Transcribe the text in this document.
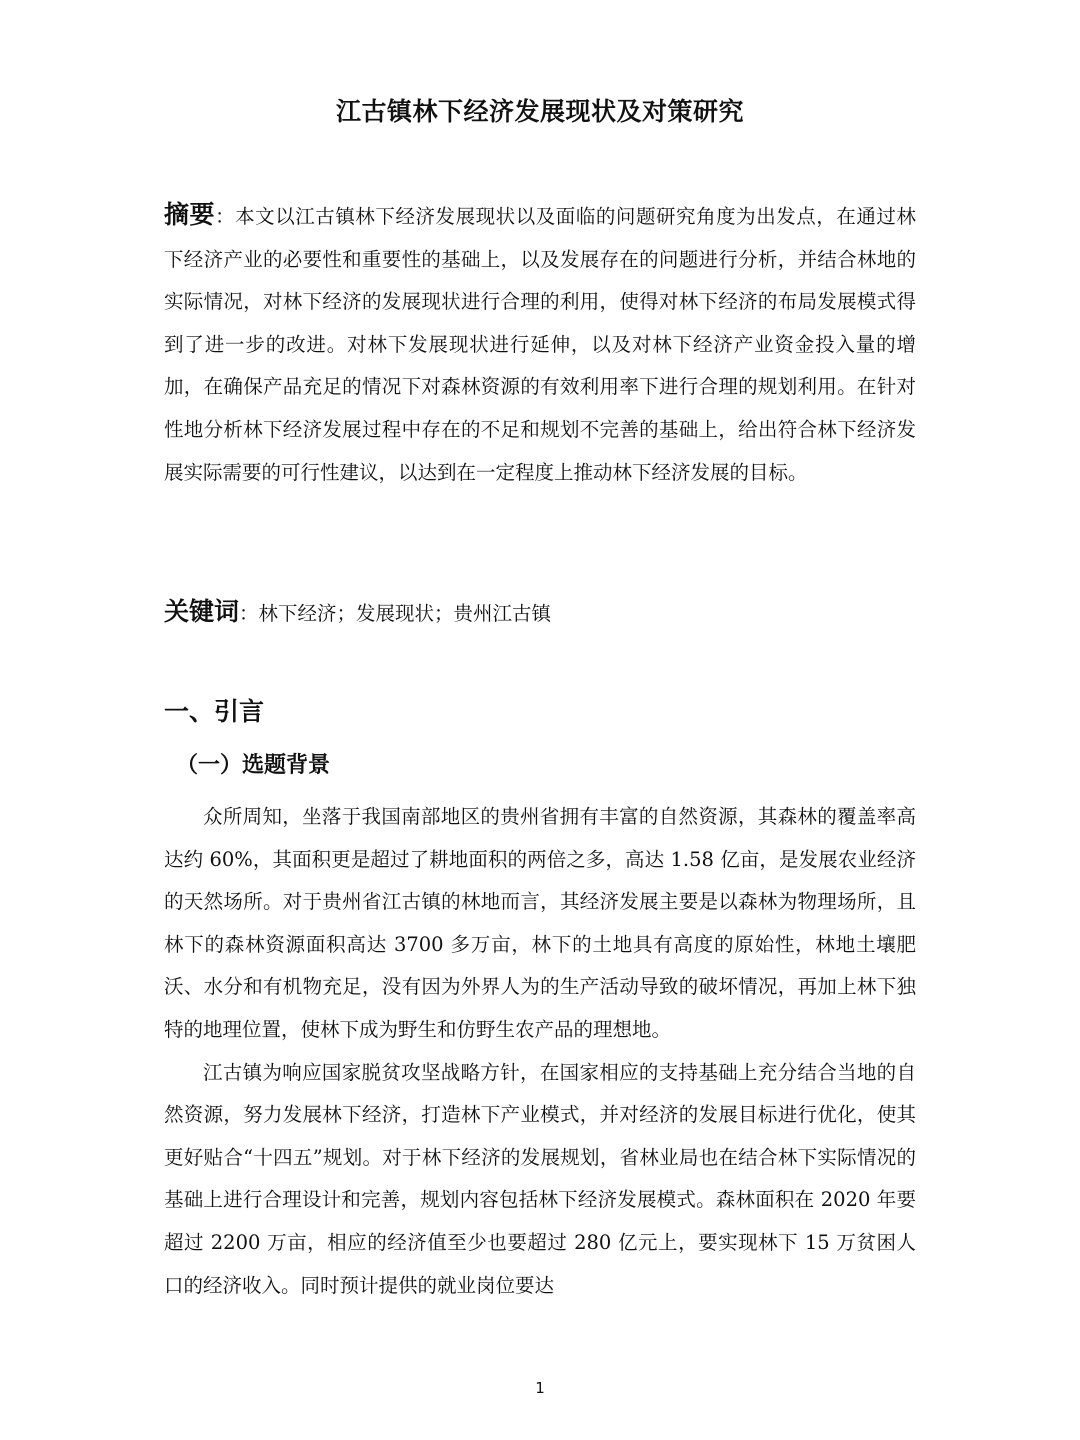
江古镇林下经济发展现状及对策研究
摘要：本文以江古镇林下经济发展现状以及面临的问题研究角度为出发点，在通过林下经济产业的必要性和重要性的基础上，以及发展存在的问题进行分析，并结合林地的实际情况，对林下经济的发展现状进行合理的利用，使得对林下经济的布局发展模式得到了进一步的改进。对林下发展现状进行延伸，以及对林下经济产业资金投入量的增加，在确保产品充足的情况下对森林资源的有效利用率下进行合理的规划利用。在针对性地分析林下经济发展过程中存在的不足和规划不完善的基础上，给出符合林下经济发展实际需要的可行性建议，以达到在一定程度上推动林下经济发展的目标。
关键词：林下经济；发展现状；贵州江古镇
一、引言
（一）选题背景

众所周知，坐落于我国南部地区的贵州省拥有丰富的自然资源，其森林的覆盖率高达约 60%，其面积更是超过了耕地面积的两倍之多，高达 1.58 亿亩，是发展农业经济的天然场所。对于贵州省江古镇的林地而言，其经济发展主要是以森林为物理场所，且林下的森林资源面积高达 3700 多万亩，林下的土地具有高度的原始性，林地土壤肥沃、水分和有机物充足，没有因为外界人为的生产活动导致的破坏情况，再加上林下独特的地理位置，使林下成为野生和仿野生农产品的理想地。

江古镇为响应国家脱贫攻坚战略方针，在国家相应的支持基础上充分结合当地的自然资源，努力发展林下经济，打造林下产业模式，并对经济的发展目标进行优化，使其更好贴合“十四五”规划。对于林下经济的发展规划，省林业局也在结合林下实际情况的基础上进行合理设计和完善，规划内容包括林下经济发展模式。森林面积在 2020 年要超过 2200 万亩，相应的经济值至少也要超过 280 亿元上，要实现林下 15 万贫困人口的经济收入。同时预计提供的就业岗位要达

1
